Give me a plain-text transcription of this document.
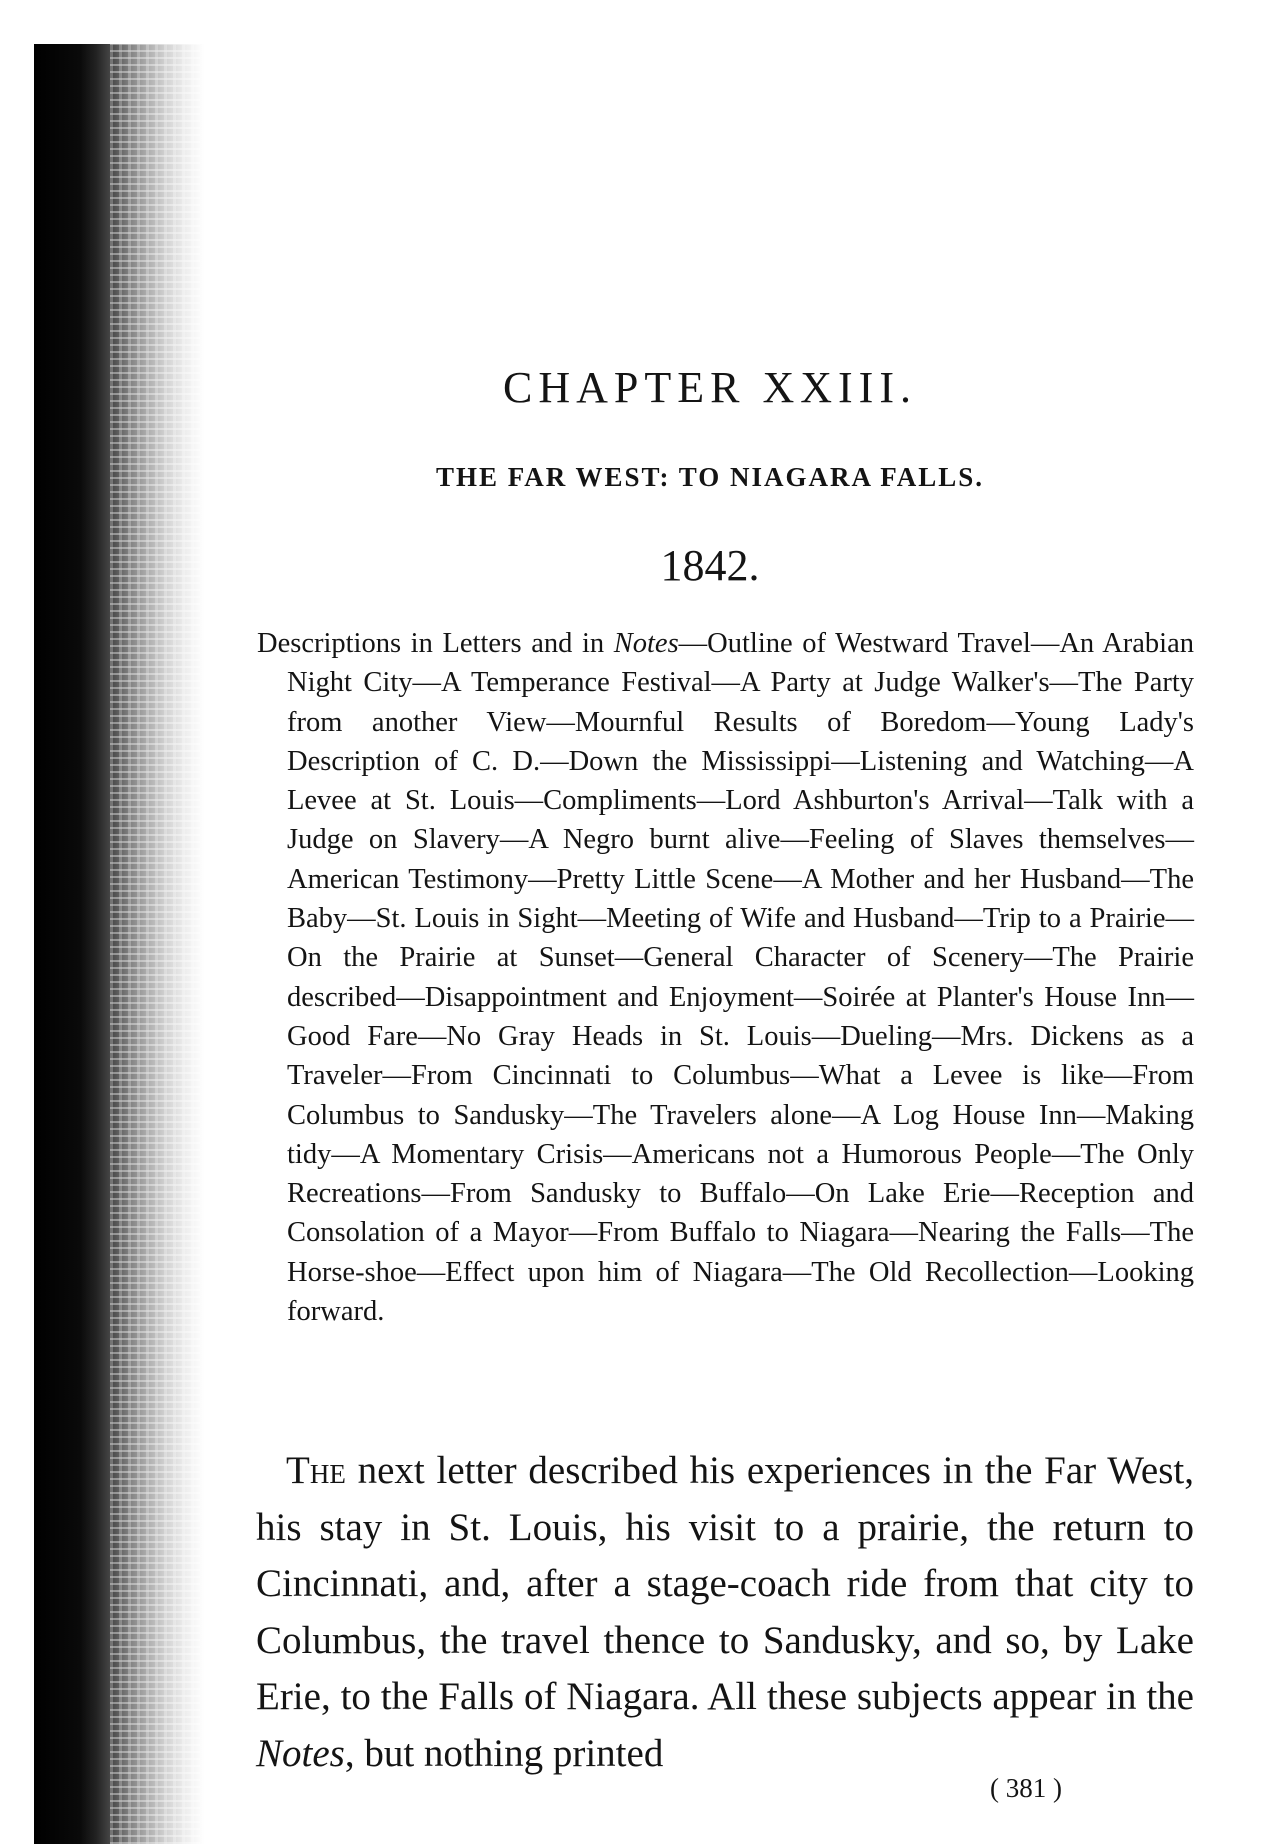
CHAPTER XXIII.
THE FAR WEST: TO NIAGARA FALLS.
1842.

Descriptions in Letters and in Notes—Outline of Westward Travel—An Arabian Night City—A Temperance Festival—A Party at Judge Walker's—The Party from another View—Mournful Results of Boredom—Young Lady's Description of C. D.—Down the Mississippi—Listening and Watching—A Levee at St. Louis—Compliments—Lord Ashburton's Arrival—Talk with a Judge on Slavery—A Negro burnt alive—Feeling of Slaves themselves—American Testimony—Pretty Little Scene—A Mother and her Husband—The Baby—St. Louis in Sight—Meeting of Wife and Husband—Trip to a Prairie—On the Prairie at Sunset—General Character of Scenery—The Prairie described—Disappointment and Enjoyment—Soirée at Planter's House Inn—Good Fare—No Gray Heads in St. Louis—Dueling—Mrs. Dickens as a Traveler—From Cincinnati to Columbus—What a Levee is like—From Columbus to Sandusky—The Travelers alone—A Log House Inn—Making tidy—A Momentary Crisis—Americans not a Humorous People—The Only Recreations—From Sandusky to Buffalo—On Lake Erie—Reception and Consolation of a Mayor—From Buffalo to Niagara—Nearing the Falls—The Horse-shoe—Effect upon him of Niagara—The Old Recollection—Looking forward.

The next letter described his experiences in the Far West, his stay in St. Louis, his visit to a prairie, the return to Cincinnati, and, after a stage-coach ride from that city to Columbus, the travel thence to Sandusky, and so, by Lake Erie, to the Falls of Niagara. All these subjects appear in the Notes, but nothing printed

( 381 )
